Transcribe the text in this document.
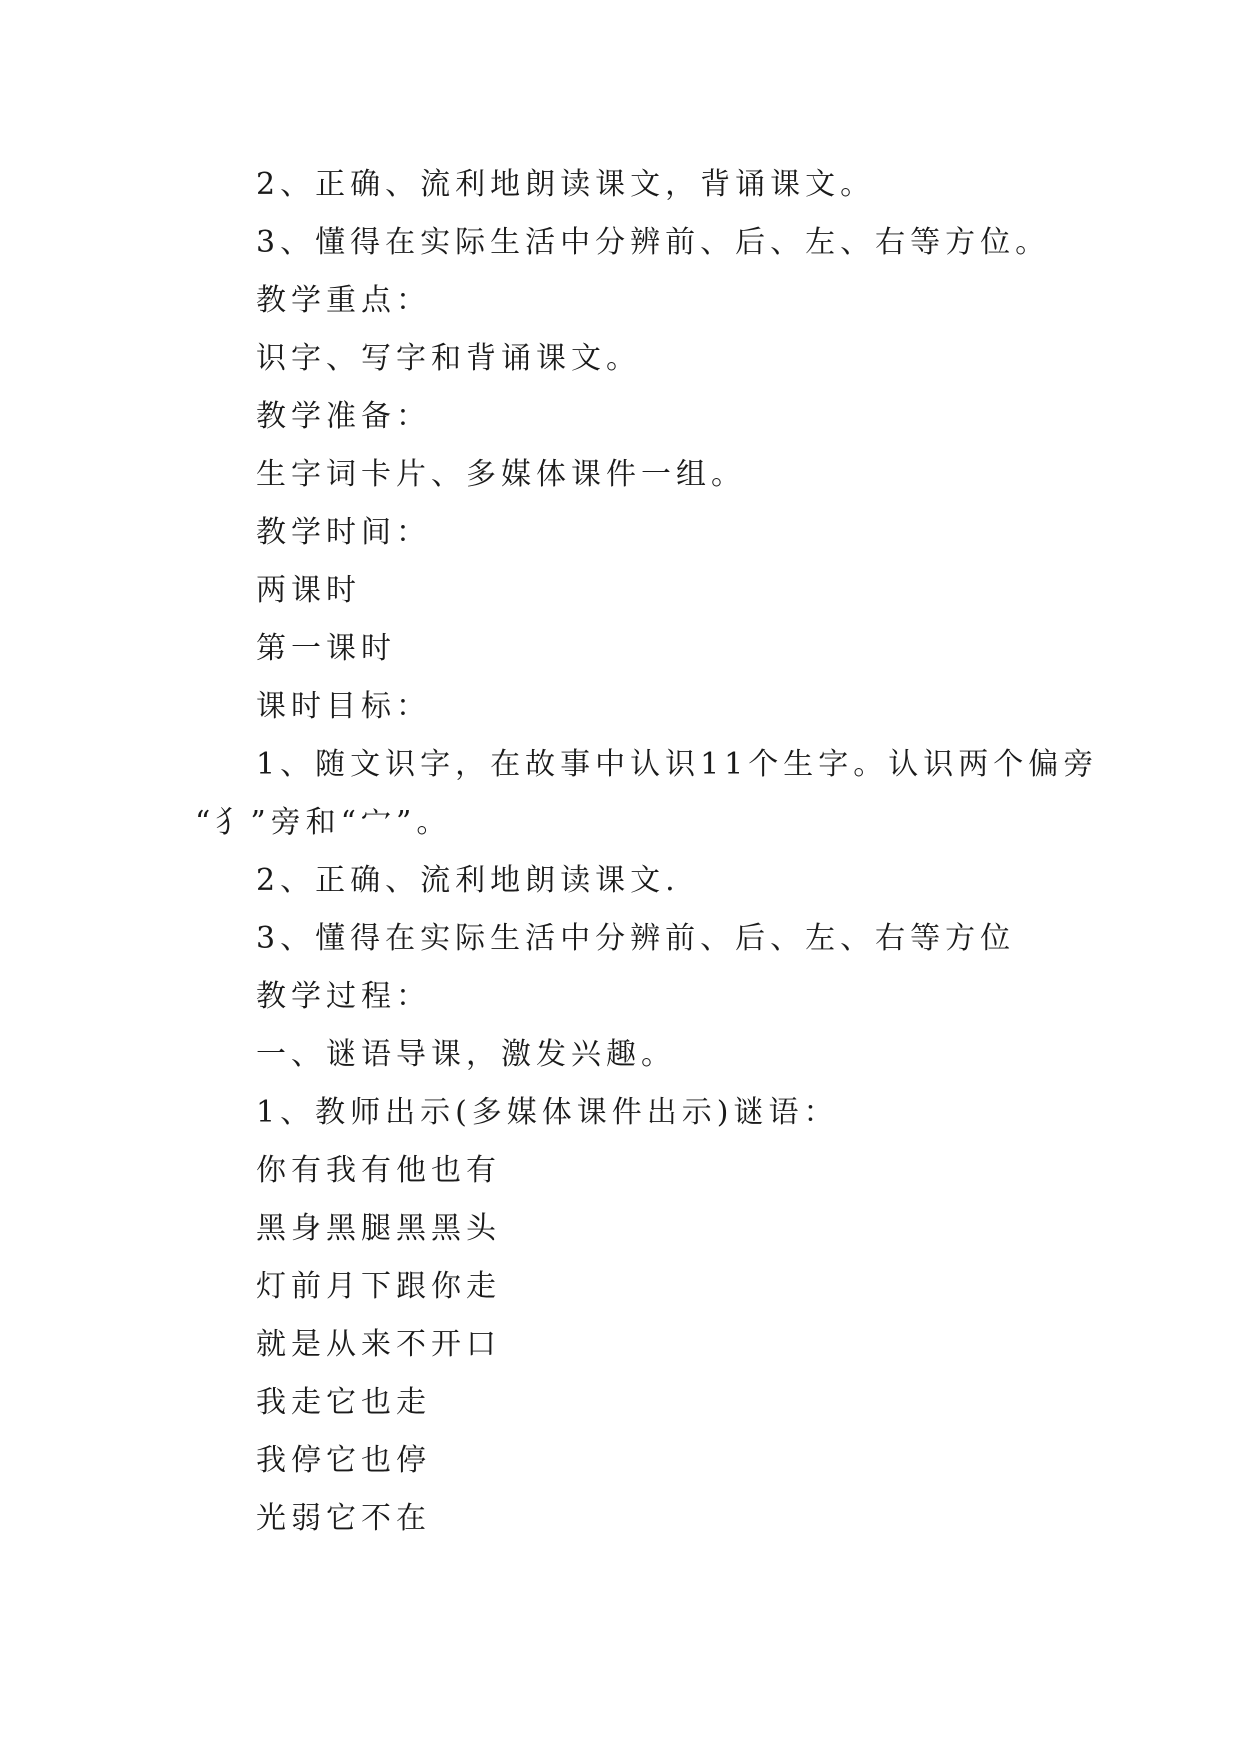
2、正确、流利地朗读课文，背诵课文。
3、懂得在实际生活中分辨前、后、左、右等方位。
教学重点：
识字、写字和背诵课文。
教学准备：
生字词卡片、多媒体课件一组。
教学时间：
两课时
第一课时
课时目标：
1、随文识字，在故事中认识11个生字。认识两个偏旁
“犭”旁和“宀”。
2、正确、流利地朗读课文.
3、懂得在实际生活中分辨前、后、左、右等方位
教学过程：
一、谜语导课，激发兴趣。
1、教师出示(多媒体课件出示)谜语：
你有我有他也有
黑身黑腿黑黑头
灯前月下跟你走
就是从来不开口
我走它也走
我停它也停
光弱它不在
